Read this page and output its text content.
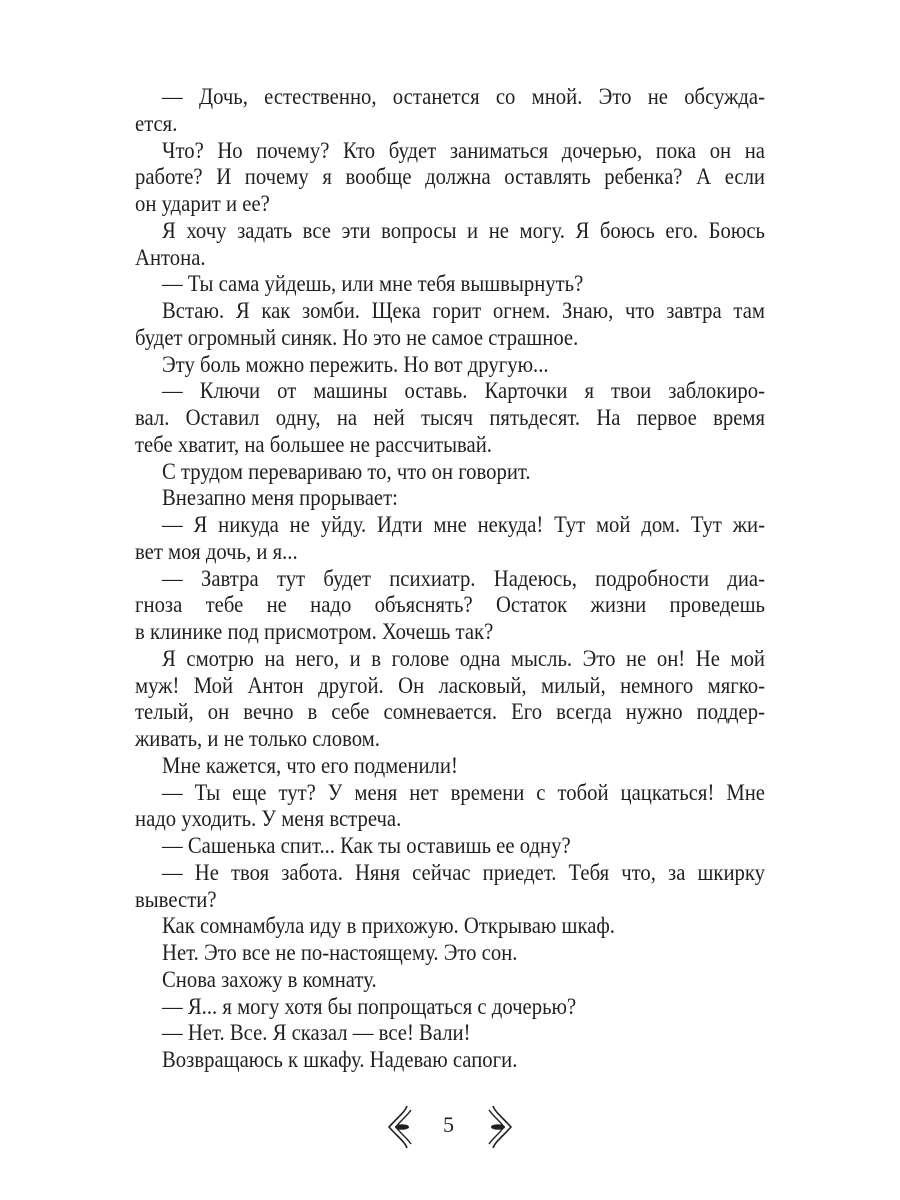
— Дочь, естественно, останется со мной. Это не обсужда-
ется.
Что? Но почему? Кто будет заниматься дочерью, пока он на
работе? И почему я вообще должна оставлять ребенка? А если
он ударит и ее?
Я хочу задать все эти вопросы и не могу. Я боюсь его. Боюсь
Антона.
— Ты сама уйдешь, или мне тебя вышвырнуть?
Встаю. Я как зомби. Щека горит огнем. Знаю, что завтра там
будет огромный синяк. Но это не самое страшное.
Эту боль можно пережить. Но вот другую...
— Ключи от машины оставь. Карточки я твои заблокиро-
вал. Оставил одну, на ней тысяч пятьдесят. На первое время
тебе хватит, на большее не рассчитывай.
С трудом перевариваю то, что он говорит.
Внезапно меня прорывает:
— Я никуда не уйду. Идти мне некуда! Тут мой дом. Тут жи-
вет моя дочь, и я...
— Завтра тут будет психиатр. Надеюсь, подробности диа-
гноза тебе не надо объяснять? Остаток жизни проведешь
в клинике под присмотром. Хочешь так?
Я смотрю на него, и в голове одна мысль. Это не он! Не мой
муж! Мой Антон другой. Он ласковый, милый, немного мягко-
телый, он вечно в себе сомневается. Его всегда нужно поддер-
живать, и не только словом.
Мне кажется, что его подменили!
— Ты еще тут? У меня нет времени с тобой цацкаться! Мне
надо уходить. У меня встреча.
— Сашенька спит... Как ты оставишь ее одну?
— Не твоя забота. Няня сейчас приедет. Тебя что, за шкирку
вывести?
Как сомнамбула иду в прихожую. Открываю шкаф.
Нет. Это все не по-настоящему. Это сон.
Снова захожу в комнату.
— Я... я могу хотя бы попрощаться с дочерью?
— Нет. Все. Я сказал — все! Вали!
Возвращаюсь к шкафу. Надеваю сапоги.
5
